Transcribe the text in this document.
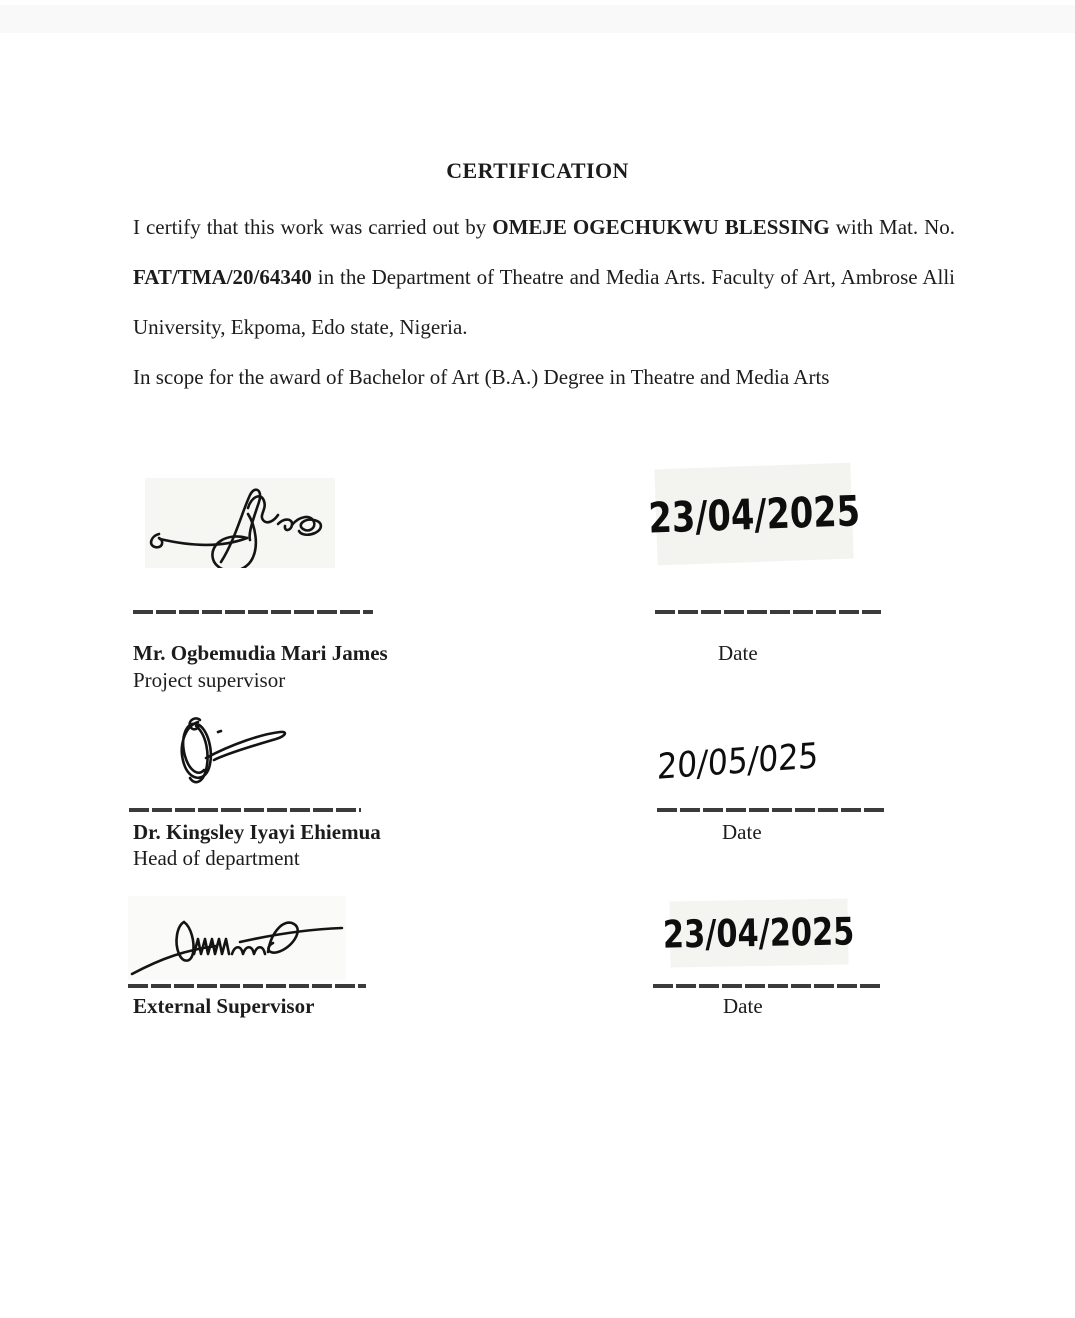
CERTIFICATION

I certify that this work was carried out by OMEJE OGECHUKWU BLESSING with Mat. No. FAT/TMA/20/64340 in the Department of Theatre and Media Arts. Faculty of Art, Ambrose Alli University, Ekpoma, Edo state, Nigeria.

In scope for the award of Bachelor of Art (B.A.) Degree in Theatre and Media Arts

23/04/2025
Mr. Ogbemudia Mari James
Project supervisor
Date
20/05/025
Dr. Kingsley Iyayi Ehiemua
Head of department
Date
23/04/2025
External Supervisor	Date
